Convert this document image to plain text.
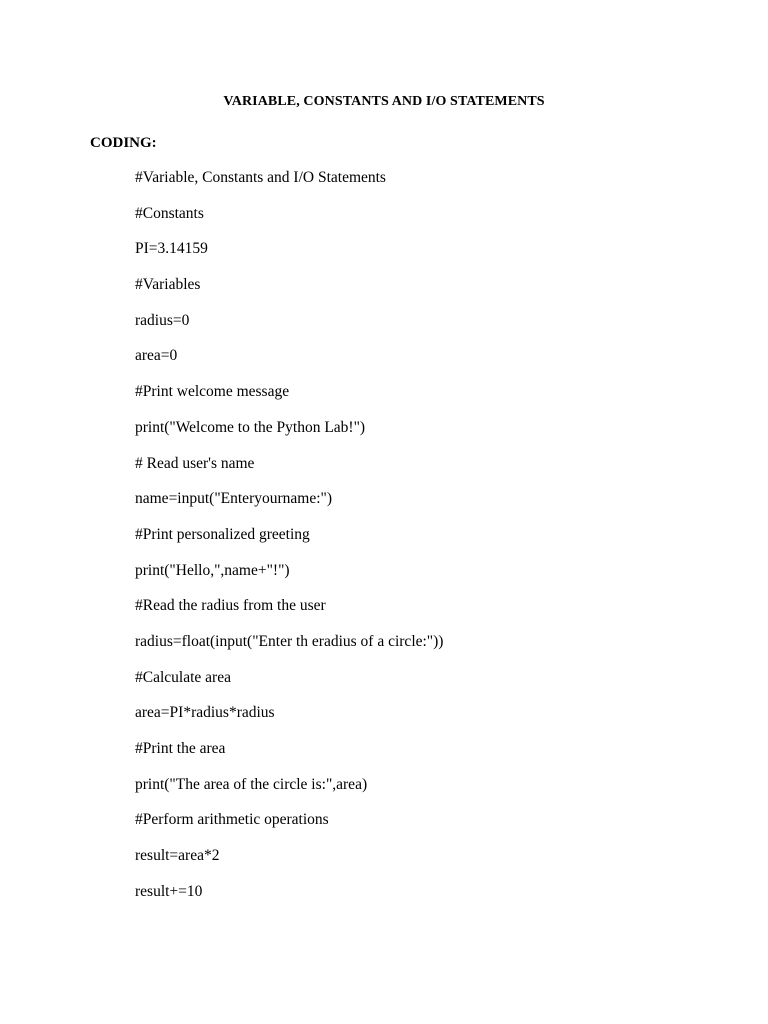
VARIABLE, CONSTANTS AND I/O STATEMENTS
CODING:
#Variable, Constants and I/O Statements
#Constants
PI=3.14159
#Variables
radius=0
area=0
#Print welcome message
print("Welcome to the Python Lab!")
# Read user's name
name=input("Enteryourname:")
#Print personalized greeting
print("Hello,",name+"!")
#Read the radius from the user
radius=float(input("Enter th eradius of a circle:"))
#Calculate area
area=PI*radius*radius
#Print the area
print("The area of the circle is:",area)
#Perform arithmetic operations
result=area*2
result+=10
